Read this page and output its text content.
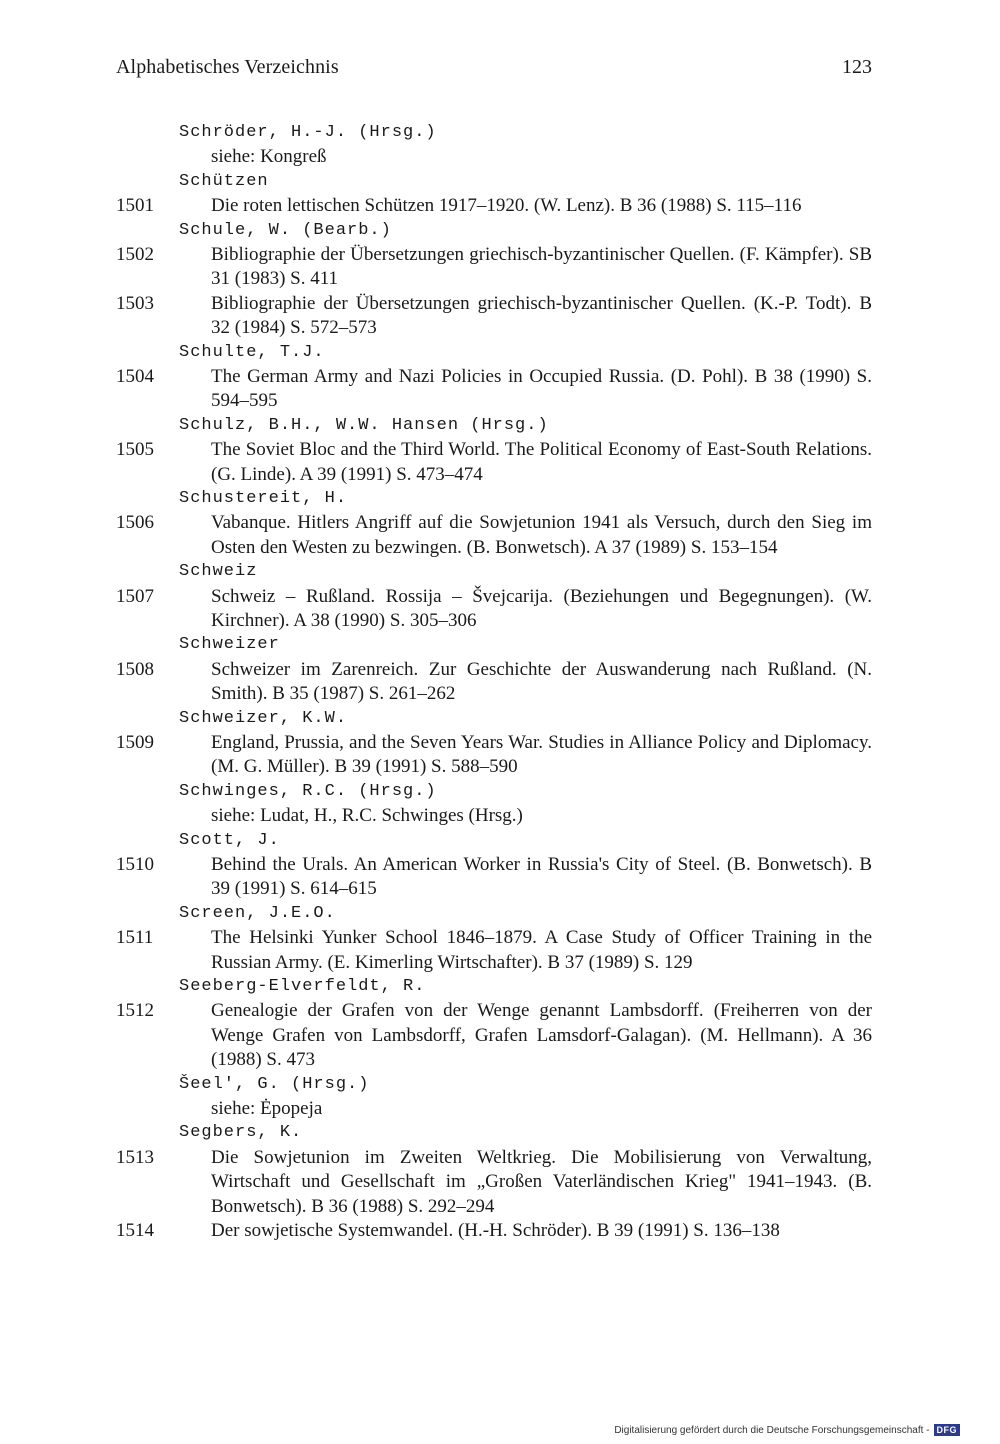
Alphabetisches Verzeichnis	123
Schröder, H.-J. (Hrsg.)
siehe: Kongreß
Schützen
1501	Die roten lettischen Schützen 1917–1920. (W. Lenz). B 36 (1988) S. 115–116
Schule, W. (Bearb.)
1502	Bibliographie der Übersetzungen griechisch-byzantinischer Quellen. (F. Kämpfer). SB 31 (1983) S. 411
1503	Bibliographie der Übersetzungen griechisch-byzantinischer Quellen. (K.-P. Todt). B 32 (1984) S. 572–573
Schulte, T.J.
1504	The German Army and Nazi Policies in Occupied Russia. (D. Pohl). B 38 (1990) S. 594–595
Schulz, B.H., W.W. Hansen (Hrsg.)
1505	The Soviet Bloc and the Third World. The Political Economy of East-South Relations. (G. Linde). A 39 (1991) S. 473–474
Schustereit, H.
1506	Vabanque. Hitlers Angriff auf die Sowjetunion 1941 als Versuch, durch den Sieg im Osten den Westen zu bezwingen. (B. Bonwetsch). A 37 (1989) S. 153–154
Schweiz
1507	Schweiz – Rußland. Rossija – Švejcarija. (Beziehungen und Begegnungen). (W. Kirchner). A 38 (1990) S. 305–306
Schweizer
1508	Schweizer im Zarenreich. Zur Geschichte der Auswanderung nach Rußland. (N. Smith). B 35 (1987) S. 261–262
Schweizer, K.W.
1509	England, Prussia, and the Seven Years War. Studies in Alliance Policy and Diplomacy. (M. G. Müller). B 39 (1991) S. 588–590
Schwinges, R.C. (Hrsg.)
siehe: Ludat, H., R.C. Schwinges (Hrsg.)
Scott, J.
1510	Behind the Urals. An American Worker in Russia's City of Steel. (B. Bonwetsch). B 39 (1991) S. 614–615
Screen, J.E.O.
1511	The Helsinki Yunker School 1846–1879. A Case Study of Officer Training in the Russian Army. (E. Kimerling Wirtschafter). B 37 (1989) S. 129
Seeberg-Elverfeldt, R.
1512	Genealogie der Grafen von der Wenge genannt Lambsdorff. (Freiherren von der Wenge Grafen von Lambsdorff, Grafen Lamsdorf-Galagan). (M. Hellmann). A 36 (1988) S. 473
Šeel', G. (Hrsg.)
siehe: Ėpopeja
Segbers, K.
1513	Die Sowjetunion im Zweiten Weltkrieg. Die Mobilisierung von Verwaltung, Wirtschaft und Gesellschaft im „Großen Vaterländischen Krieg" 1941–1943. (B. Bonwetsch). B 36 (1988) S. 292–294
1514	Der sowjetische Systemwandel. (H.-H. Schröder). B 39 (1991) S. 136–138
Digitalisierung gefördert durch die Deutsche Forschungsgemeinschaft - DFG
